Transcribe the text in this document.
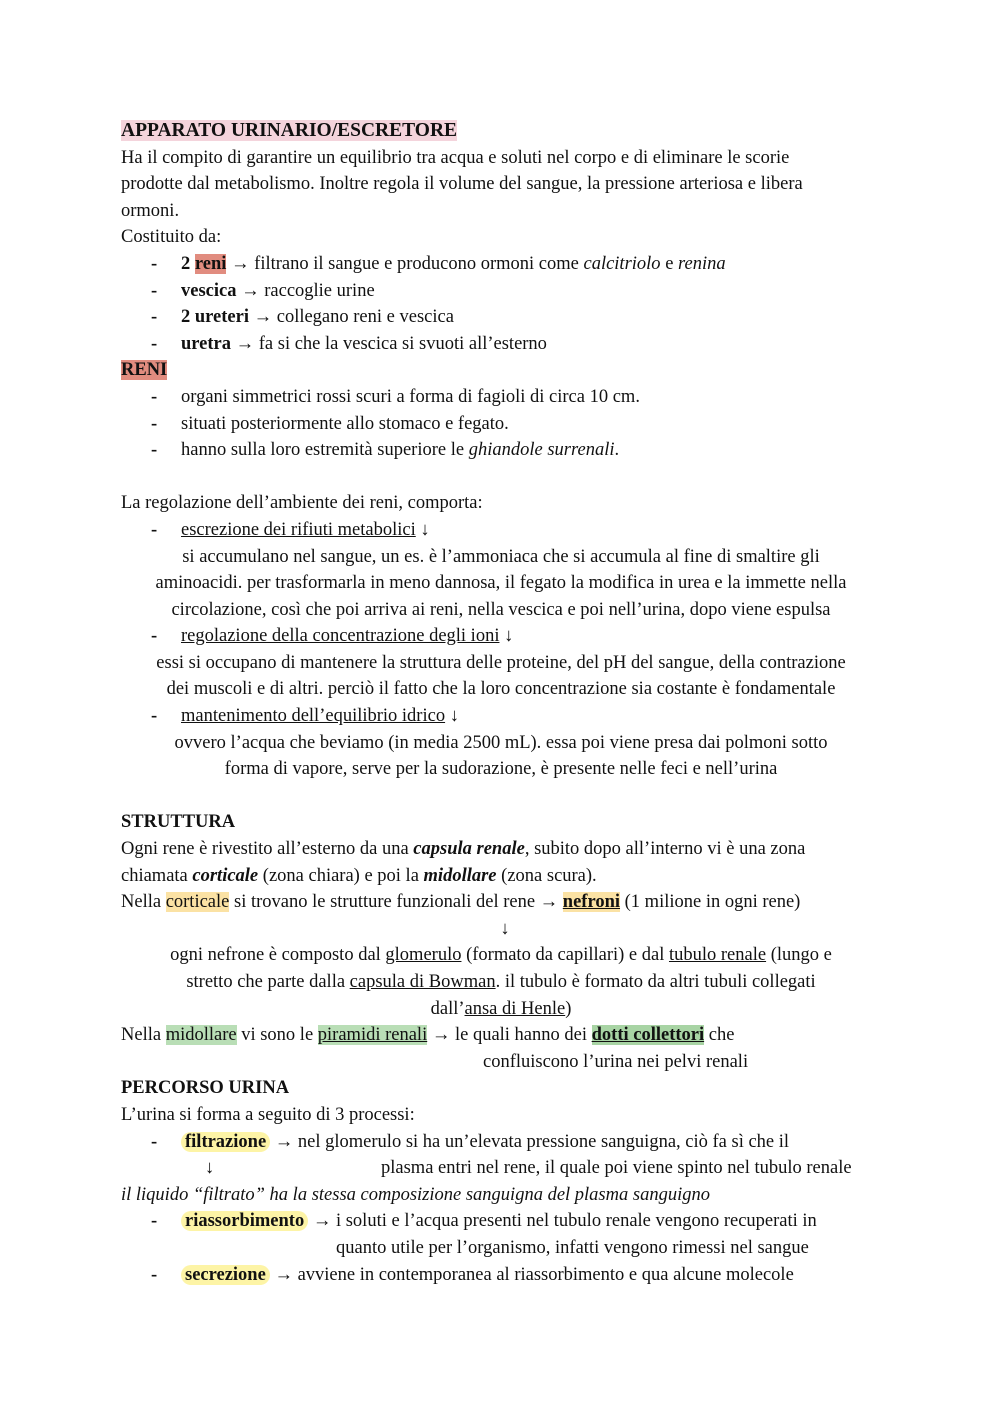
APPARATO URINARIO/ESCRETORE
Ha il compito di garantire un equilibrio tra acqua e soluti nel corpo e di eliminare le scorie
prodotte dal metabolismo. Inoltre regola il volume del sangue, la pressione arteriosa e libera
ormoni.
Costituito da:
- 2 reni → filtrano il sangue e producono ormoni come calcitriolo e renina
- vescica → raccoglie urine
- 2 ureteri → collegano reni e vescica
- uretra → fa si che la vescica si svuoti all’esterno
RENI
- organi simmetrici rossi scuri a forma di fagioli di circa 10 cm.
- situati posteriormente allo stomaco e fegato.
- hanno sulla loro estremità superiore le ghiandole surrenali.
La regolazione dell’ambiente dei reni, comporta:
- escrezione dei rifiuti metabolici ↓
si accumulano nel sangue, un es. è l’ammoniaca che si accumula al fine di smaltire gli
aminoacidi. per trasformarla in meno dannosa, il fegato la modifica in urea e la immette nella
circolazione, così che poi arriva ai reni, nella vescica e poi nell’urina, dopo viene espulsa
- regolazione della concentrazione degli ioni ↓
essi si occupano di mantenere la struttura delle proteine, del pH del sangue, della contrazione
dei muscoli e di altri. perciò il fatto che la loro concentrazione sia costante è fondamentale
- mantenimento dell’equilibrio idrico ↓
ovvero l’acqua che beviamo (in media 2500 mL). essa poi viene presa dai polmoni sotto
forma di vapore, serve per la sudorazione, è presente nelle feci e nell’urina
STRUTTURA
Ogni rene è rivestito all’esterno da una capsula renale, subito dopo all’interno vi è una zona
chiamata corticale (zona chiara) e poi la midollare (zona scura).
Nella corticale si trovano le strutture funzionali del rene → nefroni (1 milione in ogni rene)
↓
ogni nefrone è composto dal glomerulo (formato da capillari) e dal tubulo renale (lungo e
stretto che parte dalla capsula di Bowman. il tubulo è formato da altri tubuli collegati
dall’ansa di Henle)
Nella midollare vi sono le piramidi renali → le quali hanno dei dotti collettori che
confluiscono l’urina nei pelvi renali
PERCORSO URINA
L’urina si forma a seguito di 3 processi:
- filtrazione → nel glomerulo si ha un’elevata pressione sanguigna, ciò fa sì che il
↓	plasma entri nel rene, il quale poi viene spinto nel tubulo renale
il liquido “filtrato” ha la stessa composizione sanguigna del plasma sanguigno
- riassorbimento → i soluti e l’acqua presenti nel tubulo renale vengono recuperati in
quanto utile per l’organismo, infatti vengono rimessi nel sangue
- secrezione → avviene in contemporanea al riassorbimento e qua alcune molecole
